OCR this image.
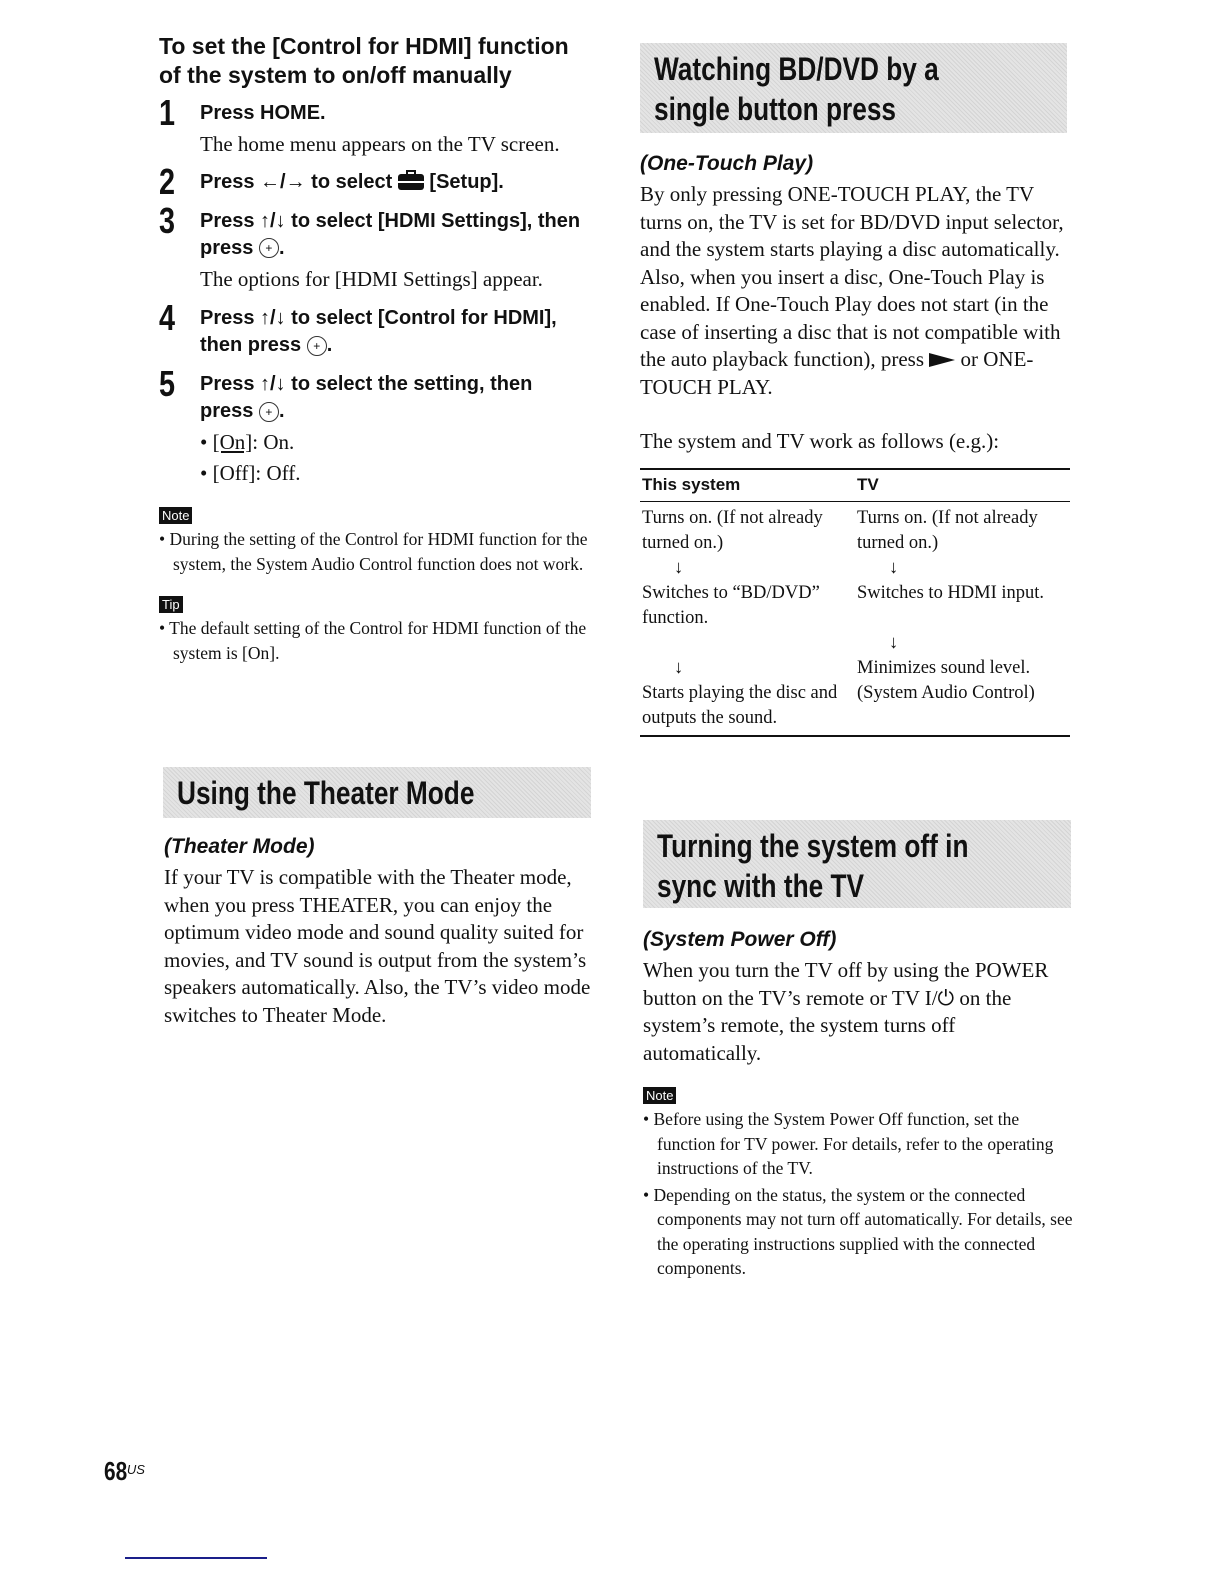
To set the [Control for HDMI] function of the system to on/off manually
1 Press HOME.
The home menu appears on the TV screen.
2 Press ←/→ to select
[Setup].
3 Press ↑/↓ to select [HDMI Settings], then press + .
The options for [HDMI Settings] appear.
4 Press ↑/↓ to select [Control for HDMI], then press + .
5 Press ↑/↓ to select the setting, then press + .
• [On]: On.
• [Off]: Off.
Note
• During the setting of the Control for HDMI function for the system, the System Audio Control function does not work.
Tip
• The default setting of the Control for HDMI function of the system is [On].
Using the Theater Mode
(Theater Mode)
If your TV is compatible with the Theater mode, when you press THEATER, you can enjoy the optimum video mode and sound quality suited for movies, and TV sound is output from the system’s speakers automatically. Also, the TV’s video mode switches to Theater Mode.
Watching BD/DVD by a single button press
(One-Touch Play)
By only pressing ONE-TOUCH PLAY, the TV turns on, the TV is set for BD/DVD input selector, and the system starts playing a disc automatically.
Also, when you insert a disc, One-Touch Play is enabled. If One-Touch Play does not start (in the case of inserting a disc that is not compatible with the auto playback function), press  or ONE-TOUCH PLAY.
The system and TV work as follows (e.g.):
This system	TV
Turns on. (If not already turned on.)	Turns on. (If not already turned on.)
↓	↓
Switches to “BD/DVD” function.	Switches to HDMI input.
	↓
↓	Minimizes sound level.
Starts playing the disc and outputs the sound.	(System Audio Control)
Turning the system off in sync with the TV
(System Power Off)
When you turn the TV off by using the POWER button on the TV’s remote or TV I/⏻ on the system’s remote, the system turns off automatically.
Note
• Before using the System Power Off function, set the function for TV power. For details, refer to the operating instructions of the TV.
• Depending on the status, the system or the connected components may not turn off automatically. For details, see the operating instructions supplied with the connected components.
$68^{US}$
